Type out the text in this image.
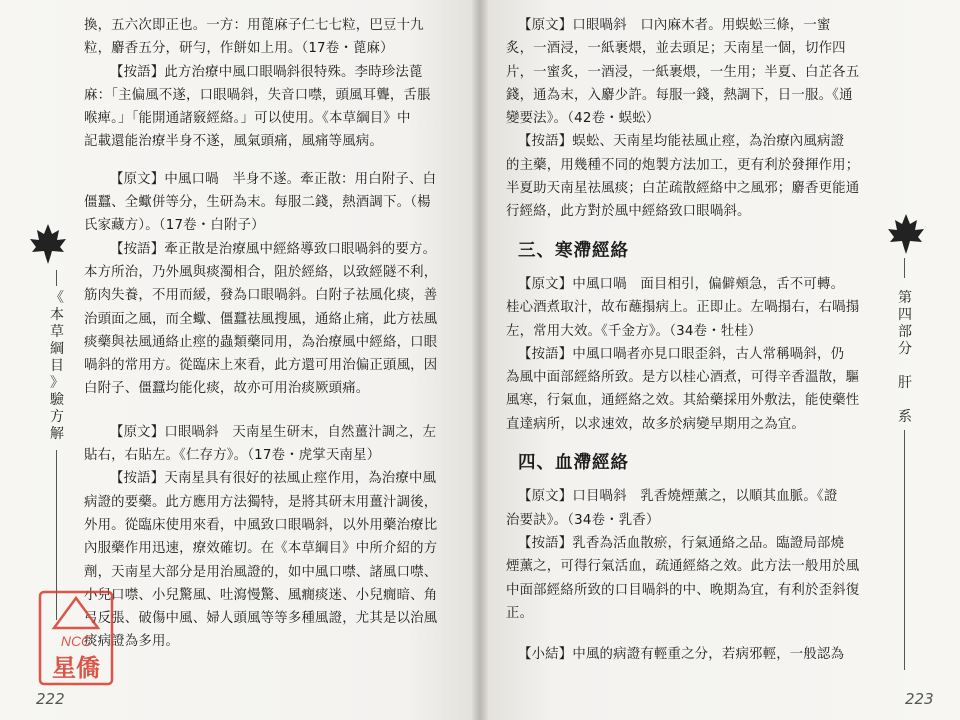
《
本
草
綱
目
》
驗
方
解
222
第
四
部
分

肝

系
223

換，五六次即正也。一方：用蓖麻子仁七七粒，巴豆十九

粒，麝香五分，研勻，作餅如上用。（17卷・蓖麻）

【按語】此方治療中風口眼喎斜很特殊。李時珍法蓖

麻：「主偏風不遂，口眼喎斜，失音口噤，頭風耳聾，舌脹

喉痺。」「能開通諸竅經絡。」可以使用。《本草綱目》中

記載還能治療半身不遂，風氣頭痛，風痛等風病。

【原文】中風口喎　半身不遂。牽正散：用白附子、白

僵蠶、全蠍併等分，生研為末。每服二錢，熱酒調下。（楊

氏家藏方）。（17卷・白附子）

【按語】牽正散是治療風中經絡導致口眼喎斜的要方。

本方所治，乃外風與痰濁相合，阻於經絡，以致經隧不利，

筋肉失養，不用而緩，發為口眼喎斜。白附子祛風化痰，善

治頭面之風，而全蠍、僵蠶祛風搜風，通絡止痛，此方祛風

痰藥與祛風通絡止痙的蟲類藥同用，為治療風中經絡，口眼

喎斜的常用方。從臨床上來看，此方還可用治偏正頭風，因

白附子、僵蠶均能化痰，故亦可用治痰厥頭痛。

【原文】口眼喎斜　天南星生研末，自然薑汁調之，左

貼右，右貼左。《仁存方》。（17卷・虎掌天南星）

【按語】天南星具有很好的祛風止痙作用，為治療中風

病證的要藥。此方應用方法獨特，是將其研末用薑汁調後，

外用。從臨床使用來看，中風致口眼喎斜，以外用藥治療比

內服藥作用迅速，療效確切。在《本草綱目》中所介紹的方

劑，天南星大部分是用治風證的，如中風口噤、諸風口噤、

小兒口噤、小兒驚風、吐瀉慢驚、風癇痰迷、小兒癇暗、角

弓反張、破傷中風、婦人頭風等等多種風證，尤其是以治風

痰病證為多用。

【原文】口眼喎斜　口內麻木者。用蜈蚣三條，一蜜

炙，一酒浸，一紙裹煨，並去頭足；天南星一個，切作四

片，一蜜炙，一酒浸，一紙裹煨，一生用；半夏、白芷各五

錢，通為末，入麝少許。每服一錢，熱調下，日一服。《通

變要法》。（42卷・蜈蚣）

【按語】蜈蚣、天南星均能祛風止痙，為治療內風病證

的主藥，用幾種不同的炮製方法加工，更有利於發揮作用；

半夏助天南星祛風痰；白芷疏散經絡中之風邪；麝香更能通

行經絡，此方對於風中經絡致口眼喎斜。

三、寒滯經絡

【原文】中風口喎　面目相引，偏僻頰急，舌不可轉。

桂心酒煮取汁，故布蘸搨病上。正即止。左喎搨右，右喎搨

左，常用大效。《千金方》。（34卷・牡桂）

【按語】中風口喎者亦見口眼歪斜，古人常稱喎斜，仍

為風中面部經絡所致。是方以桂心酒煮，可得辛香溫散，驅

風寒，行氣血，通經絡之效。其給藥採用外敷法，能使藥性

直達病所，以求速效，故多於病變早期用之為宜。

四、血滯經絡

【原文】口目喎斜　乳香燒煙薰之，以順其血脈。《證

治要訣》。（34卷・乳香）

【按語】乳香為活血散瘀，行氣通絡之品。臨證局部燒

煙薰之，可得行氣活血，疏通經絡之效。此方法一般用於風

中面部經絡所致的口目喎斜的中、晚期為宜，有利於歪斜復

正。

【小結】中風的病證有輕重之分，若病邪輕，一般認為

NCC
星僑
